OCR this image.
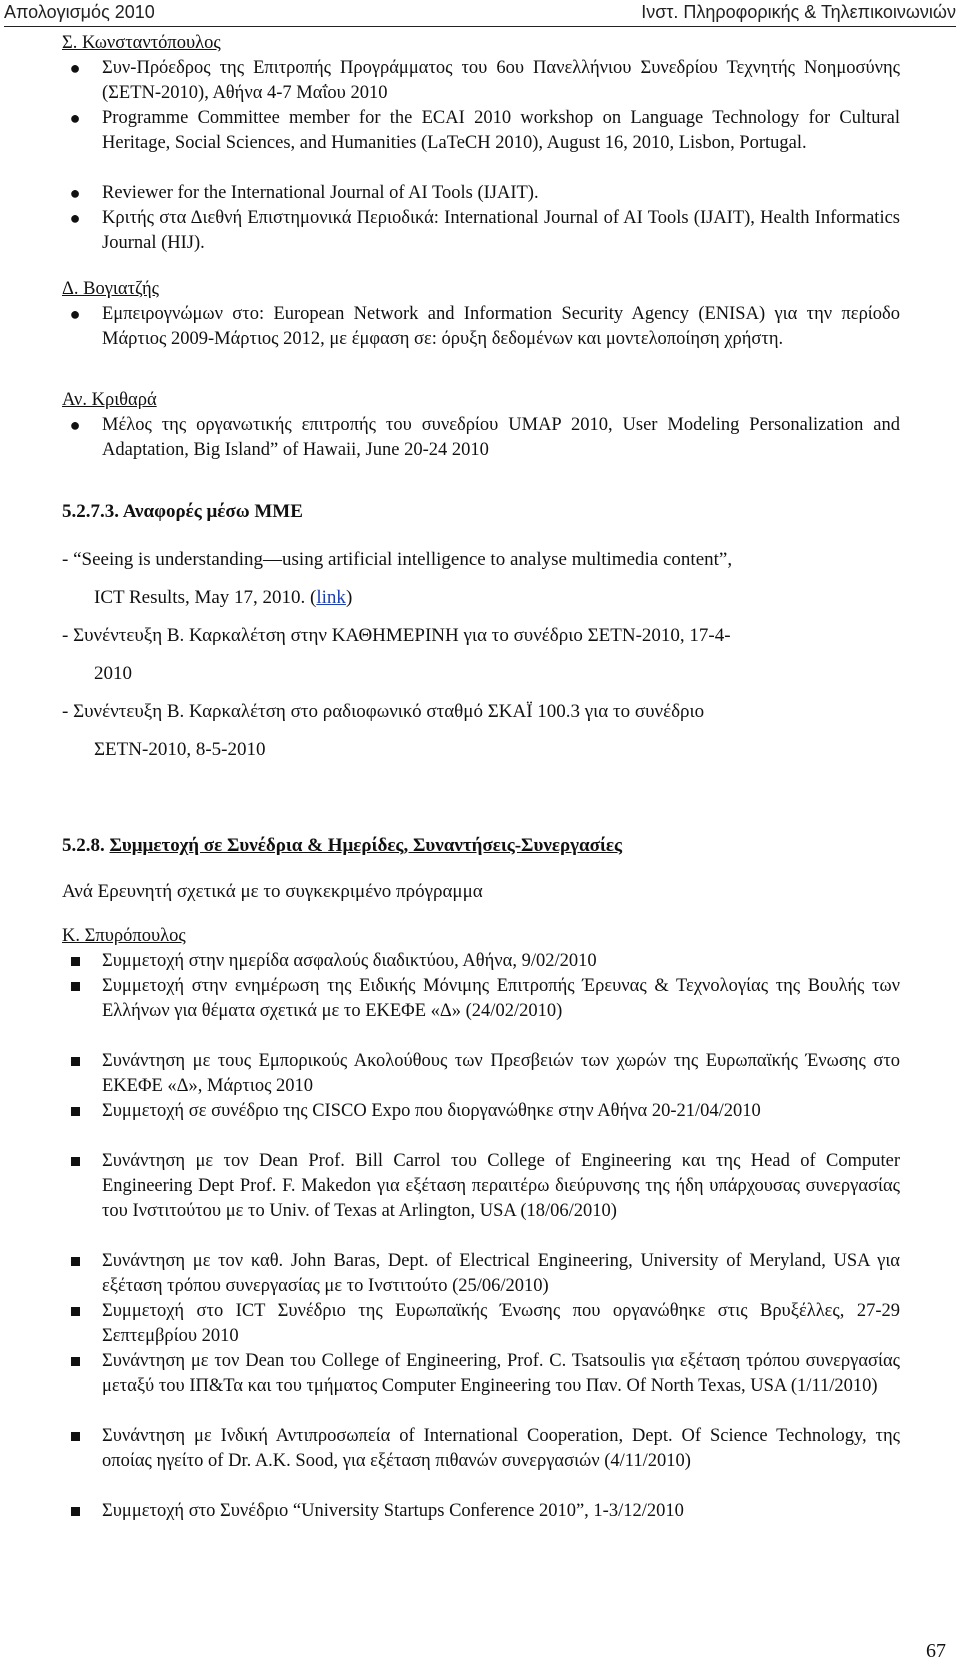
Απολογισμός 2010	Ινστ. Πληροφορικής & Τηλεπικοινωνιών

Σ. Κωνσταντόπουλος

● Συν-Πρόεδρος της Επιτροπής Προγράμματος του 6ου Πανελλήνιου Συνεδρίου Τεχνητής Νοημοσύνης (ΣΕΤΝ-2010), Αθήνα 4-7 Μαΐου 2010
● Programme Committee member for the ECAI 2010 workshop on Language Technology for Cultural Heritage, Social Sciences, and Humanities (LaTeCH 2010), August 16, 2010, Lisbon, Portugal.
● Reviewer for the International Journal of AI Tools (IJAIT).
● Κριτής στα Διεθνή Επιστημονικά Περιοδικά: International Journal of AI Tools (IJAIT), Health Informatics Journal (HIJ).

Δ. Βογιατζής

● Εμπειρογνώμων στο: European Network and Information Security Agency (ENISA) για την περίοδο Μάρτιος 2009-Μάρτιος 2012, με έμφαση σε: όρυξη δεδομένων και μοντελοποίηση χρήστη.

Αν. Κριθαρά

● Μέλος της οργανωτικής επιτροπής του συνεδρίου UMAP 2010, User Modeling Personalization and Adaptation, Big Island” of Hawaii, June 20-24 2010

5.2.7.3. Αναφορές μέσω ΜΜΕ

- “Seeing is understanding—using artificial intelligence to analyse multimedia content”,

ICT Results, May 17, 2010. (link)

- Συνέντευξη Β. Καρκαλέτση στην ΚΑΘΗΜΕΡΙΝΗ για το συνέδριο ΣΕΤΝ-2010, 17-4-

2010

- Συνέντευξη Β. Καρκαλέτση στο ραδιοφωνικό σταθμό ΣΚΑΪ 100.3 για το συνέδριο

ΣΕΤΝ-2010, 8-5-2010

5.2.8. Συμμετοχή σε Συνέδρια & Ημερίδες, Συναντήσεις-Συνεργασίες

Ανά Ερευνητή σχετικά με το συγκεκριμένο πρόγραμμα

Κ. Σπυρόπουλος

Συμμετοχή στην ημερίδα ασφαλούς διαδικτύου, Αθήνα, 9/02/2010
Συμμετοχή στην ενημέρωση της Ειδικής Μόνιμης Επιτροπής Έρευνας & Τεχνολογίας της Βουλής των Ελλήνων για θέματα σχετικά με το ΕΚΕΦΕ «Δ» (24/02/2010)
Συνάντηση με τους Εμπορικούς Ακολούθους των Πρεσβειών των χωρών της Ευρωπαϊκής Ένωσης στο ΕΚΕΦΕ «Δ», Μάρτιος 2010
Συμμετοχή σε συνέδριο της CISCO Expo που διοργανώθηκε στην Αθήνα 20-21/04/2010
Συνάντηση με τον Dean Prof. Bill Carrol του College of Engineering και της Head of Computer Engineering Dept Prof. F. Makedon για εξέταση περαιτέρω διεύρυνσης της ήδη υπάρχουσας συνεργασίας του Ινστιτούτου με το Univ. of Texas at Arlington, USA (18/06/2010)
Συνάντηση με τον καθ. John Baras, Dept. of Electrical Engineering, University of Meryland, USA για εξέταση τρόπου συνεργασίας με το Ινστιτούτο (25/06/2010)
Συμμετοχή στο ICT Συνέδριο της Ευρωπαϊκής Ένωσης που οργανώθηκε στις Βρυξέλλες, 27-29 Σεπτεμβρίου 2010
Συνάντηση με τον Dean του College of Engineering, Prof. C. Tsatsoulis για εξέταση τρόπου συνεργασίας μεταξύ του ΙΠ&Τα και του τμήματος Computer Engineering του Παν. Of North Texas, USA (1/11/2010)
Συνάντηση με Ινδική Αντιπροσωπεία of International Cooperation, Dept. Of Science Technology, της οποίας ηγείτο of Dr. A.K. Sood, για εξέταση πιθανών συνεργασιών (4/11/2010)
Συμμετοχή στο Συνέδριο “University Startups Conference 2010”, 1-3/12/2010
67
